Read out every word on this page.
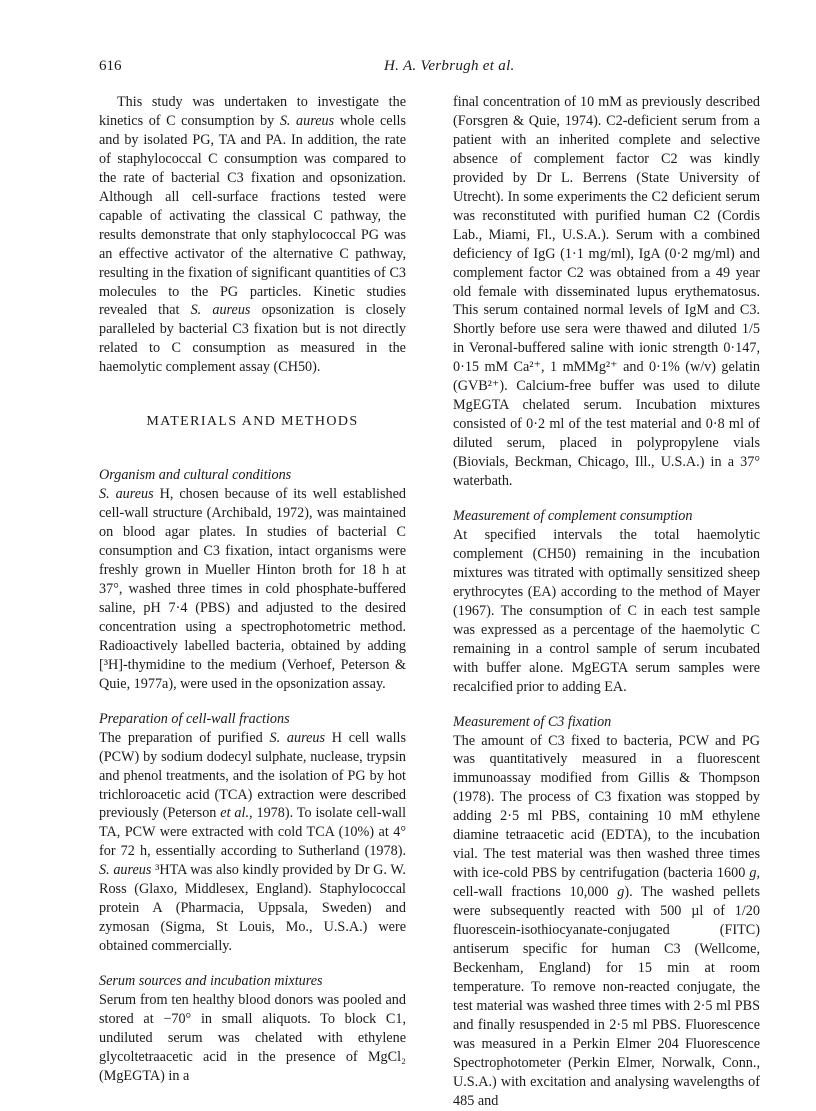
616	H. A. Verbrugh et al.

This study was undertaken to investigate the kinetics of C consumption by S. aureus whole cells and by isolated PG, TA and PA. In addition, the rate of staphylococcal C consumption was compared to the rate of bacterial C3 fixation and opsonization. Although all cell-surface fractions tested were capable of activating the classical C pathway, the results demonstrate that only staphylococcal PG was an effective activator of the alternative C pathway, resulting in the fixation of significant quantities of C3 molecules to the PG particles. Kinetic studies revealed that S. aureus opsonization is closely paralleled by bacterial C3 fixation but is not directly related to C consumption as measured in the haemolytic complement assay (CH50).

MATERIALS AND METHODS

Organism and cultural conditions

S. aureus H, chosen because of its well established cell-wall structure (Archibald, 1972), was maintained on blood agar plates. In studies of bacterial C consumption and C3 fixation, intact organisms were freshly grown in Mueller Hinton broth for 18 h at 37°, washed three times in cold phosphate-buffered saline, pH 7·4 (PBS) and adjusted to the desired concentration using a spectrophotometric method. Radioactively labelled bacteria, obtained by adding [³H]-thymidine to the medium (Verhoef, Peterson & Quie, 1977a), were used in the opsonization assay.

Preparation of cell-wall fractions

The preparation of purified S. aureus H cell walls (PCW) by sodium dodecyl sulphate, nuclease, trypsin and phenol treatments, and the isolation of PG by hot trichloroacetic acid (TCA) extraction were described previously (Peterson et al., 1978). To isolate cell-wall TA, PCW were extracted with cold TCA (10%) at 4° for 72 h, essentially according to Sutherland (1978). S. aureus ³HTA was also kindly provided by Dr G. W. Ross (Glaxo, Middlesex, England). Staphylococcal protein A (Pharmacia, Uppsala, Sweden) and zymosan (Sigma, St Louis, Mo., U.S.A.) were obtained commercially.

Serum sources and incubation mixtures

Serum from ten healthy blood donors was pooled and stored at −70° in small aliquots. To block C1, undiluted serum was chelated with ethylene glycoltetraacetic acid in the presence of MgCl₂ (MgEGTA) in a

final concentration of 10 mM as previously described (Forsgren & Quie, 1974). C2-deficient serum from a patient with an inherited complete and selective absence of complement factor C2 was kindly provided by Dr L. Berrens (State University of Utrecht). In some experiments the C2 deficient serum was reconstituted with purified human C2 (Cordis Lab., Miami, Fl., U.S.A.). Serum with a combined deficiency of IgG (1·1 mg/ml), IgA (0·2 mg/ml) and complement factor C2 was obtained from a 49 year old female with disseminated lupus erythematosus. This serum contained normal levels of IgM and C3. Shortly before use sera were thawed and diluted 1/5 in Veronal-buffered saline with ionic strength 0·147, 0·15 mM Ca²⁺, 1 mMMg²⁺ and 0·1% (w/v) gelatin (GVB²⁺). Calcium-free buffer was used to dilute MgEGTA chelated serum. Incubation mixtures consisted of 0·2 ml of the test material and 0·8 ml of diluted serum, placed in polypropylene vials (Biovials, Beckman, Chicago, Ill., U.S.A.) in a 37° waterbath.

Measurement of complement consumption

At specified intervals the total haemolytic complement (CH50) remaining in the incubation mixtures was titrated with optimally sensitized sheep erythrocytes (EA) according to the method of Mayer (1967). The consumption of C in each test sample was expressed as a percentage of the haemolytic C remaining in a control sample of serum incubated with buffer alone. MgEGTA serum samples were recalcified prior to adding EA.

Measurement of C3 fixation

The amount of C3 fixed to bacteria, PCW and PG was quantitatively measured in a fluorescent immunoassay modified from Gillis & Thompson (1978). The process of C3 fixation was stopped by adding 2·5 ml PBS, containing 10 mM ethylene diamine tetraacetic acid (EDTA), to the incubation vial. The test material was then washed three times with ice-cold PBS by centrifugation (bacteria 1600 g, cell-wall fractions 10,000 g). The washed pellets were subsequently reacted with 500 µl of 1/20 fluorescein-isothiocyanate-conjugated (FITC) antiserum specific for human C3 (Wellcome, Beckenham, England) for 15 min at room temperature. To remove non-reacted conjugate, the test material was washed three times with 2·5 ml PBS and finally resuspended in 2·5 ml PBS. Fluorescence was measured in a Perkin Elmer 204 Fluorescence Spectrophotometer (Perkin Elmer, Norwalk, Conn., U.S.A.) with excitation and analysing wavelengths of 485 and
